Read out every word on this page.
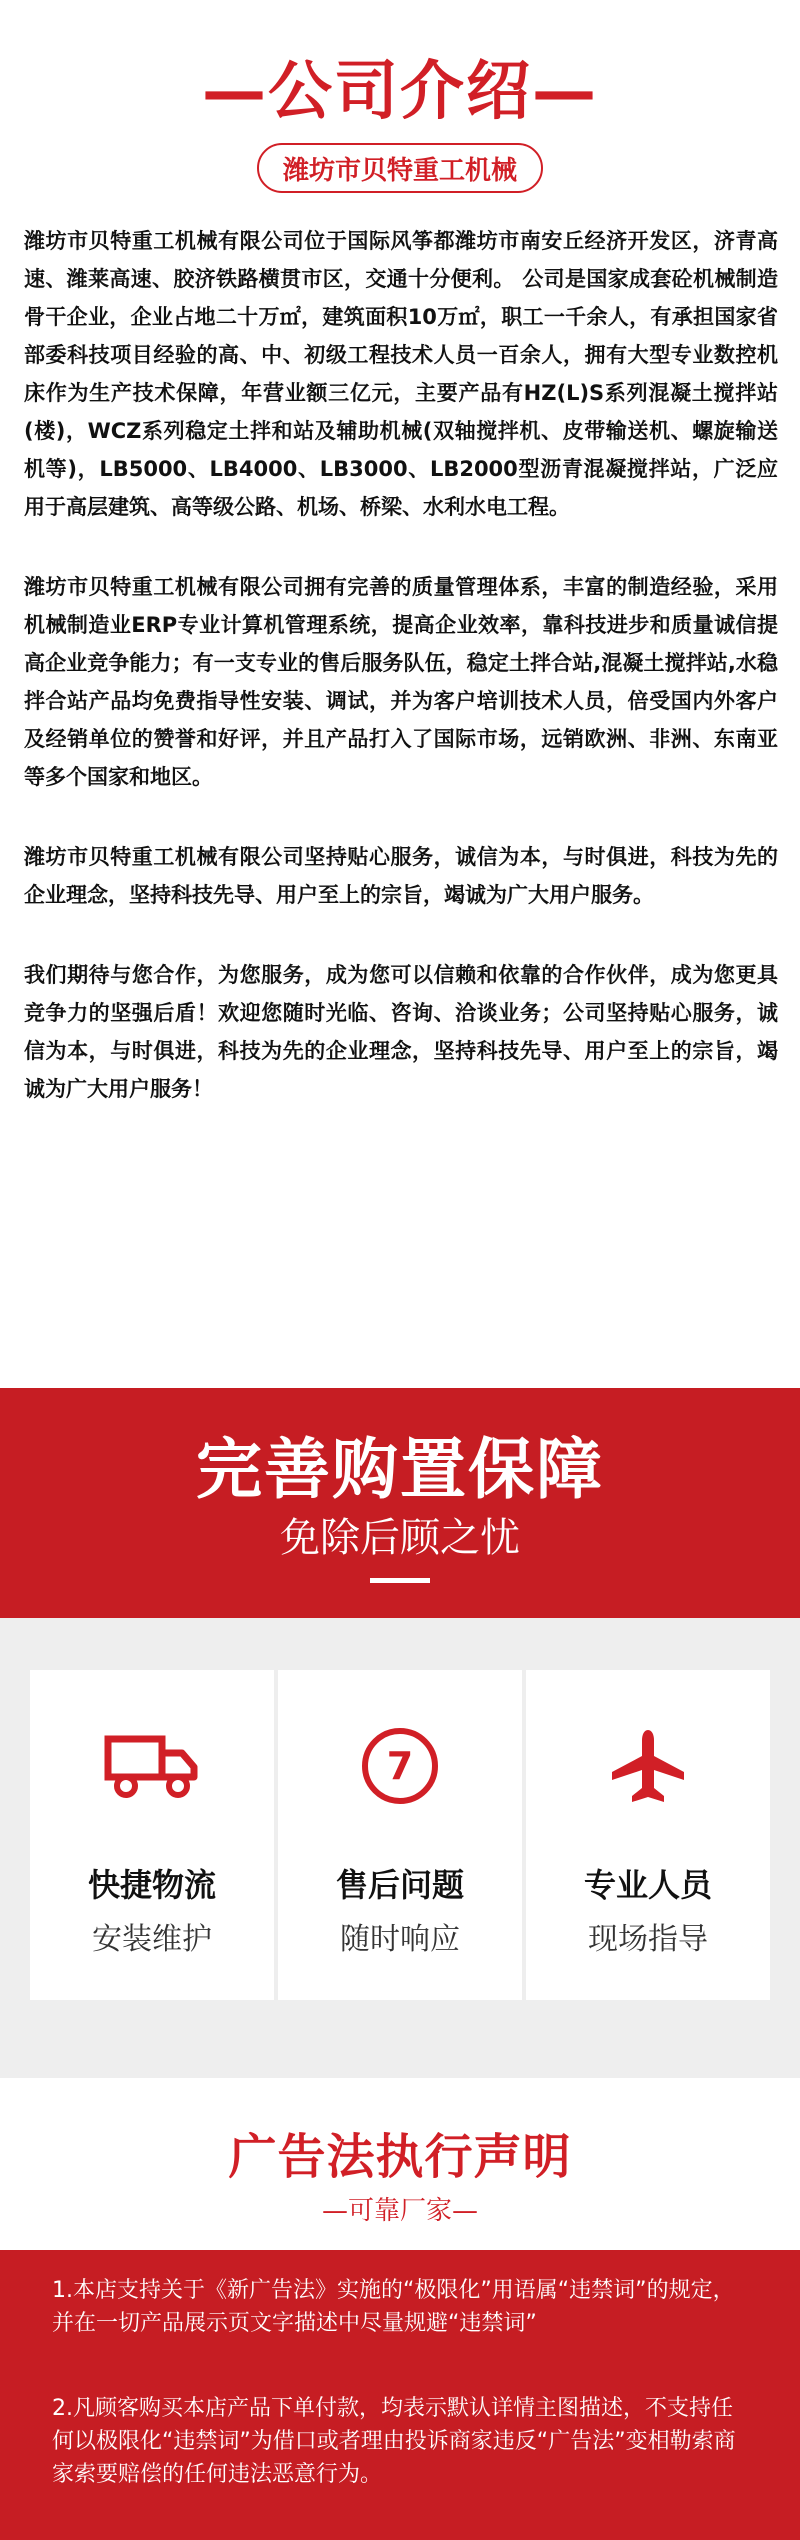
—公司介绍—
潍坊市贝特重工机械

潍坊市贝特重工机械有限公司位于国际风筝都潍坊市南安丘经济开发区，济青高速、潍莱高速、胶济铁路横贯市区，交通十分便利。 公司是国家成套砼机械制造骨干企业，企业占地二十万㎡，建筑面积10万㎡，职工一千余人，有承担国家省部委科技项目经验的高、中、初级工程技术人员一百余人，拥有大型专业数控机床作为生产技术保障，年营业额三亿元，主要产品有HZ(L)S系列混凝土搅拌站(楼)，WCZ系列稳定土拌和站及辅助机械(双轴搅拌机、皮带输送机、螺旋输送机等)，LB5000、LB4000、LB3000、LB2000型沥青混凝搅拌站，广泛应用于高层建筑、高等级公路、机场、桥梁、水利水电工程。

潍坊市贝特重工机械有限公司拥有完善的质量管理体系，丰富的制造经验，采用机械制造业ERP专业计算机管理系统，提高企业效率，靠科技进步和质量诚信提高企业竞争能力；有一支专业的售后服务队伍，稳定土拌合站,混凝土搅拌站,水稳拌合站产品均免费指导性安装、调试，并为客户培训技术人员，倍受国内外客户及经销单位的赞誉和好评，并且产品打入了国际市场，远销欧洲、非洲、东南亚等多个国家和地区。

潍坊市贝特重工机械有限公司坚持贴心服务，诚信为本，与时俱进，科技为先的企业理念，坚持科技先导、用户至上的宗旨，竭诚为广大用户服务。

我们期待与您合作，为您服务，成为您可以信赖和依靠的合作伙伴，成为您更具竞争力的坚强后盾！欢迎您随时光临、咨询、洽谈业务；公司坚持贴心服务，诚信为本，与时俱进，科技为先的企业理念，坚持科技先导、用户至上的宗旨，竭诚为广大用户服务！

完善购置保障
免除后顾之忧
快捷物流
安装维护
7
售后问题
随时响应
专业人员
现场指导
广告法执行声明
—可靠厂家—

1.本店支持关于《新广告法》实施的“极限化”用语属“违禁词”的规定，并在一切产品展示页文字描述中尽量规避“违禁词”

2.凡顾客购买本店产品下单付款，均表示默认详情主图描述，不支持任何以极限化“违禁词”为借口或者理由投诉商家违反“广告法”变相勒索商家索要赔偿的任何违法恶意行为。
